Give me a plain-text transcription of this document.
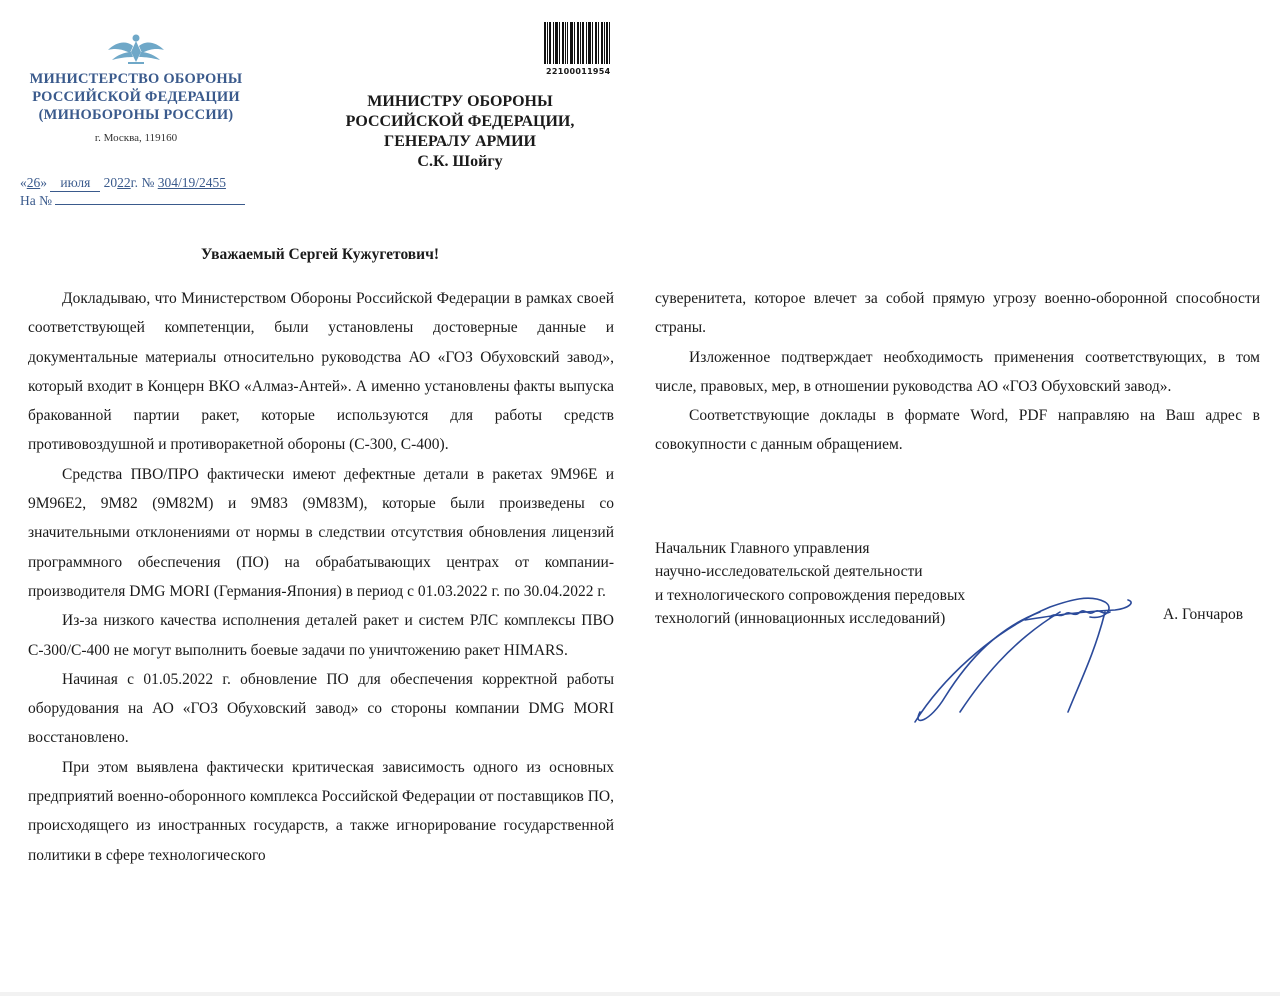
МИНИСТЕРСТВО ОБОРОНЫ
РОССИЙСКОЙ ФЕДЕРАЦИИ
(МИНОБОРОНЫ РОССИИ)
г. Москва, 119160
«26» июля 2022г. № 304/19/2455
На №
22100011954
МИНИСТРУ ОБОРОНЫ
РОССИЙСКОЙ ФЕДЕРАЦИИ,
ГЕНЕРАЛУ АРМИИ
С.К. Шойгу
Уважаемый Сергей Кужугетович!

Докладываю, что Министерством Обороны Российской Федерации в рамках своей соответствующей компетенции, были установлены достоверные данные и документальные материалы относительно руководства АО «ГОЗ Обуховский завод», который входит в Концерн ВКО «Алмаз-Антей». А именно установлены факты выпуска бракованной партии ракет, которые используются для работы средств противовоздушной и противоракетной обороны (С-300, С-400).

Средства ПВО/ПРО фактически имеют дефектные детали в ракетах 9М96Е и 9М96Е2, 9М82 (9М82М) и 9М83 (9М83М), которые были произведены со значительными отклонениями от нормы в следствии отсутствия обновления лицензий программного обеспечения (ПО) на обрабатывающих центрах от компании-производителя DMG MORI (Германия-Япония) в период с 01.03.2022 г. по 30.04.2022 г.

Из-за низкого качества исполнения деталей ракет и систем РЛС комплексы ПВО С-300/С-400 не могут выполнить боевые задачи по уничтожению ракет HIMARS.

Начиная с 01.05.2022 г. обновление ПО для обеспечения корректной работы оборудования на АО «ГОЗ Обуховский завод» со стороны компании DMG MORI восстановлено.

При этом выявлена фактически критическая зависимость одного из основных предприятий военно-оборонного комплекса Российской Федерации от поставщиков ПО, происходящего из иностранных государств, а также игнорирование государственной политики в сфере технологического

суверенитета, которое влечет за собой прямую угрозу военно-оборонной способности страны.

Изложенное подтверждает необходимость применения соответствующих, в том числе, правовых, мер, в отношении руководства АО «ГОЗ Обуховский завод».

Соответствующие доклады в формате Word, PDF направляю на Ваш адрес в совокупности с данным обращением.

Начальник Главного управления
научно-исследовательской деятельности
и технологического сопровождения передовых
технологий (инновационных исследований)	А. Гончаров
